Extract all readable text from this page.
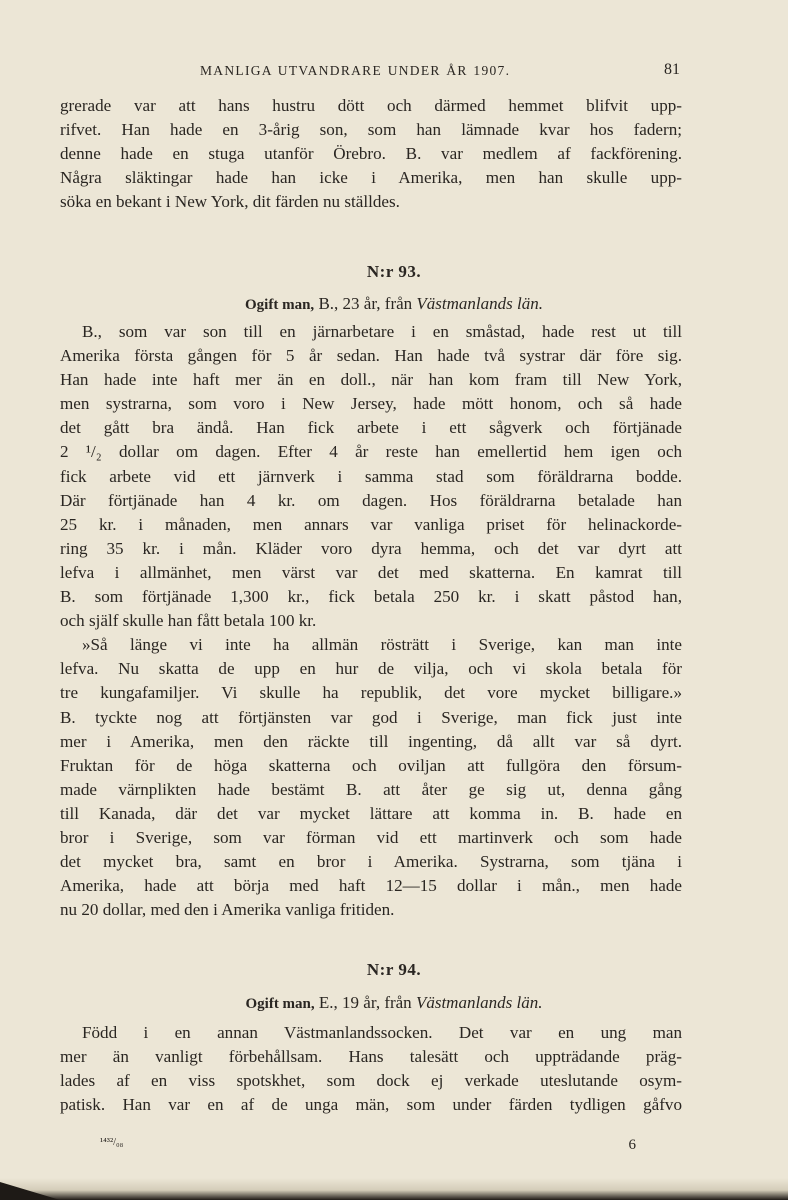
MANLIGA UTVANDRARE UNDER ÅR 1907.	81

grerade var att hans hustru dött och därmed hemmet blifvit upp-

rifvet. Han hade en 3-årig son, som han lämnade kvar hos fadern;

denne hade en stuga utanför Örebro. B. var medlem af fackförening.

Några släktingar hade han icke i Amerika, men han skulle upp-

söka en bekant i New York, dit färden nu ställdes.

N:r 93.
Ogift man, B., 23 år, från Västmanlands län.

B., som var son till en järnarbetare i en småstad, hade rest ut till

Amerika första gången för 5 år sedan. Han hade två systrar där före sig.

Han hade inte haft mer än en doll., när han kom fram till New York,

men systrarna, som voro i New Jersey, hade mött honom, och så hade

det gått bra ändå. Han fick arbete i ett sågverk och förtjänade

2 ¹/₂ dollar om dagen. Efter 4 år reste han emellertid hem igen och

fick arbete vid ett järnverk i samma stad som föräldrarna bodde.

Där förtjänade han 4 kr. om dagen. Hos föräldrarna betalade han

25 kr. i månaden, men annars var vanliga priset för helinackorde-

ring 35 kr. i mån. Kläder voro dyra hemma, och det var dyrt att

lefva i allmänhet, men värst var det med skatterna. En kamrat till

B. som förtjänade 1,300 kr., fick betala 250 kr. i skatt påstod han,

och själf skulle han fått betala 100 kr.

»Så länge vi inte ha allmän rösträtt i Sverige, kan man inte

lefva. Nu skatta de upp en hur de vilja, och vi skola betala för

tre kungafamiljer. Vi skulle ha republik, det vore mycket billigare.»

B. tyckte nog att förtjänsten var god i Sverige, man fick just inte

mer i Amerika, men den räckte till ingenting, då allt var så dyrt.

Fruktan för de höga skatterna och oviljan att fullgöra den försum-

made värnplikten hade bestämt B. att åter ge sig ut, denna gång

till Kanada, där det var mycket lättare att komma in. B. hade en

bror i Sverige, som var förman vid ett martinverk och som hade

det mycket bra, samt en bror i Amerika. Systrarna, som tjäna i

Amerika, hade att börja med haft 12—15 dollar i mån., men hade

nu 20 dollar, med den i Amerika vanliga fritiden.

N:r 94.
Ogift man, E., 19 år, från Västmanlands län.

Född i en annan Västmanlandssocken. Det var en ung man

mer än vanligt förbehållsam. Hans talesätt och uppträdande präg-

lades af en viss spotskhet, som dock ej verkade uteslutande osym-

patisk. Han var en af de unga män, som under färden tydligen gåfvo

¹⁴³²/₀₈	6
